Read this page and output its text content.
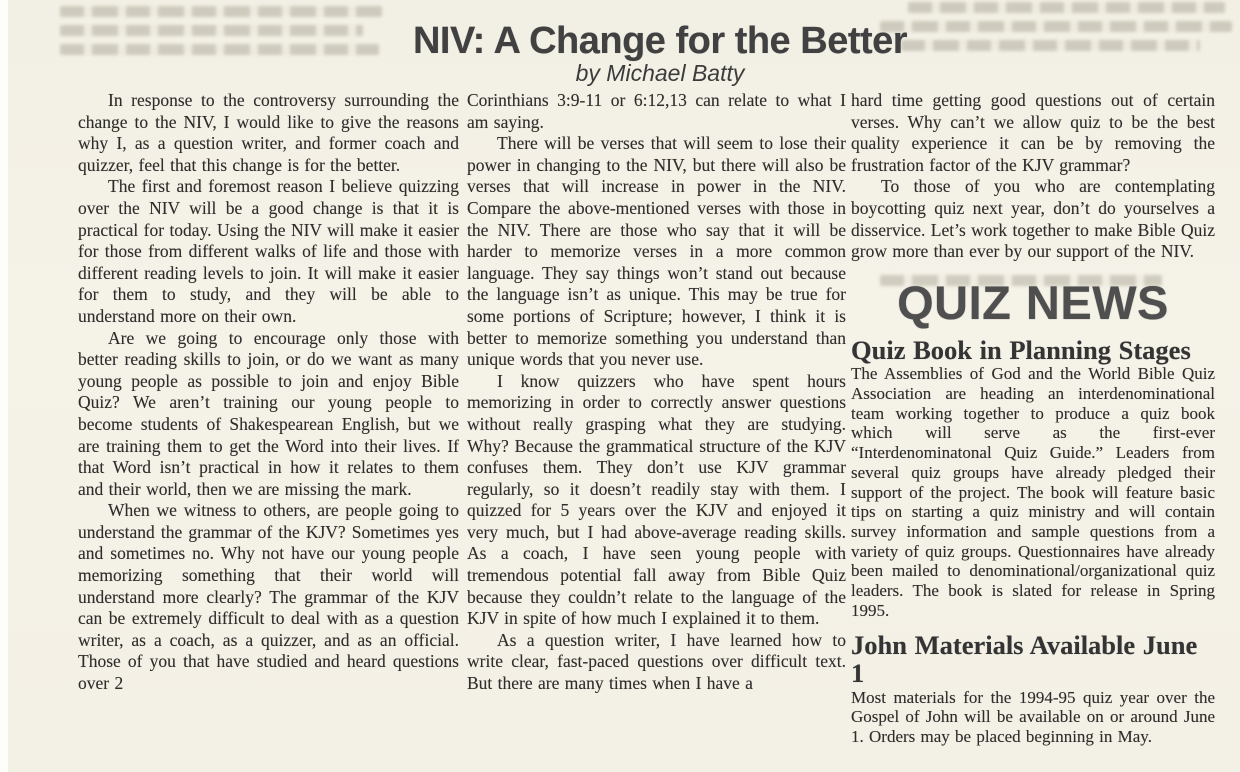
NIV: A Change for the Better
by Michael Batty

In response to the controversy surrounding the change to the NIV, I would like to give the reasons why I, as a question writer, and former coach and quizzer, feel that this change is for the better.

The first and foremost reason I believe quizzing over the NIV will be a good change is that it is practical for today. Using the NIV will make it easier for those from different walks of life and those with different reading levels to join. It will make it easier for them to study, and they will be able to understand more on their own.

Are we going to encourage only those with better reading skills to join, or do we want as many young people as possible to join and enjoy Bible Quiz? We aren’t training our young people to become students of Shakespearean English, but we are training them to get the Word into their lives. If that Word isn’t practical in how it relates to them and their world, then we are missing the mark.

When we witness to others, are people going to understand the grammar of the KJV? Sometimes yes and sometimes no. Why not have our young people memorizing something that their world will understand more clearly? The grammar of the KJV can be extremely difficult to deal with as a question writer, as a coach, as a quizzer, and as an official. Those of you that have studied and heard questions over 2

Corinthians 3:9-11 or 6:12,13 can relate to what I am saying.

There will be verses that will seem to lose their power in changing to the NIV, but there will also be verses that will increase in power in the NIV. Compare the above-mentioned verses with those in the NIV. There are those who say that it will be harder to memorize verses in a more common language. They say things won’t stand out because the language isn’t as unique. This may be true for some portions of Scripture; however, I think it is better to memorize something you understand than unique words that you never use.

I know quizzers who have spent hours memorizing in order to correctly answer questions without really grasping what they are studying. Why? Because the grammatical structure of the KJV confuses them. They don’t use KJV grammar regularly, so it doesn’t readily stay with them. I quizzed for 5 years over the KJV and enjoyed it very much, but I had above-average reading skills. As a coach, I have seen young people with tremendous potential fall away from Bible Quiz because they couldn’t relate to the language of the KJV in spite of how much I explained it to them.

As a question writer, I have learned how to write clear, fast-paced questions over difficult text. But there are many times when I have a

hard time getting good questions out of certain verses. Why can’t we allow quiz to be the best quality experience it can be by removing the frustration factor of the KJV grammar?

To those of you who are contemplating boycotting quiz next year, don’t do yourselves a disservice. Let’s work together to make Bible Quiz grow more than ever by our support of the NIV.

QUIZ NEWS
Quiz Book in Planning Stages

The Assemblies of God and the World Bible Quiz Association are heading an interdenominational team working together to produce a quiz book which will serve as the first-ever “Interdenominatonal Quiz Guide.” Leaders from several quiz groups have already pledged their support of the project. The book will feature basic tips on starting a quiz ministry and will contain survey information and sample questions from a variety of quiz groups. Questionnaires have already been mailed to denominational/organizational quiz leaders. The book is slated for release in Spring 1995.

John Materials Available June 1

Most materials for the 1994-95 quiz year over the Gospel of John will be available on or around June 1. Orders may be placed beginning in May.
